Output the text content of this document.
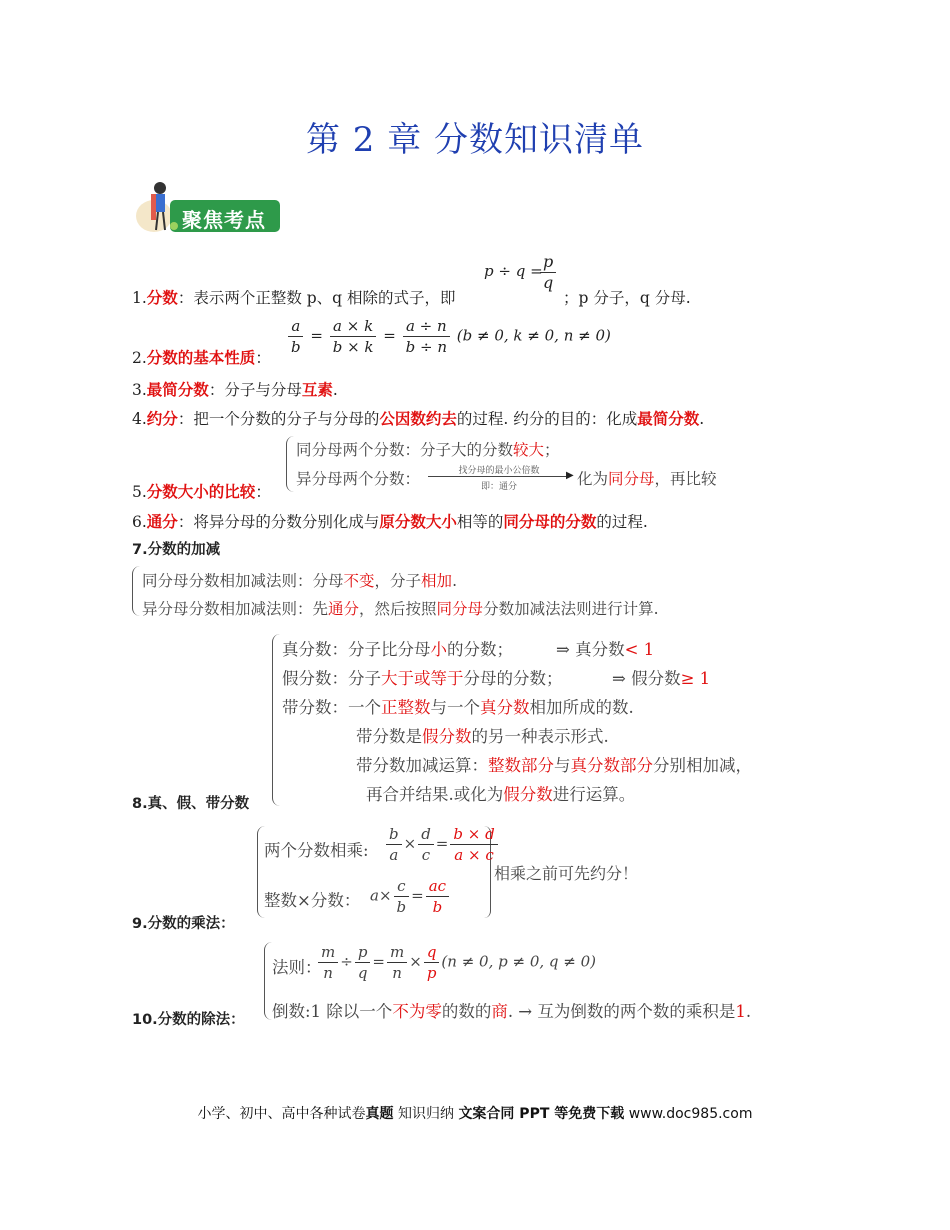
第 2 章 分数知识清单
聚焦考点
1.分数：表示两个正整数 p、q 相除的式子，即
p ÷ q =
$\frac{p}{q}$
；p 分子，q 分母.
2.分数的基本性质：
$\frac{a}{b} = \frac{a \times k}{b \times k} = \frac{a \div n}{b \div n} (b \ne 0$, k ≠ 0, n ≠ 0)
3.最简分数：分子与分母互素.
4.约分：把一个分数的分子与分母的公因数约去的过程. 约分的目的：化成最简分数.
同分母两个分数：分子大的分数较大；
异分母两个分数：	找分母的最小公倍数	▶
即：通分	化为同分母，再比较
5.分数大小的比较：
6.通分：将异分母的分数分别化成与原分数大小相等的同分母的分数的过程.
7.分数的加减
同分母分数相加减法则：分母不变，分子相加.
异分母分数相加减法则：先通分，然后按照同分母分数加减法法则进行计算.
真分数：分子比分母小的分数；	⇒ 真分数< 1
假分数：分子大于或等于分母的分数；	⇒ 假分数≥ 1
带分数：一个正整数与一个真分数相加所成的数.
带分数是假分数的另一种表示形式.
带分数加减运算：整数部分与真分数部分分别相加减，
再合并结果.或化为假分数进行运算。
8.真、假、带分数
两个分数相乘: $\frac{b}{a} \times \frac{d}{c} = \frac{b \times d}{a \times c}$
整数×分数： $a\times \frac{c}{b} = \frac{ac}{b}$
相乘之前可先约分！
9.分数的乘法：
法则：
$\frac{m}{n} \div \frac{p}{q} = \frac{m}{n} \times \frac{q}{p} (n \ne 0$, p ≠ 0, q ≠ 0)
倒数:1 除以一个不为零的数的商. → 互为倒数的两个数的乘积是1.
10.分数的除法：
小学、初中、高中各种试卷真题 知识归纳 文案合同 PPT 等免费下载 www.doc985.com
